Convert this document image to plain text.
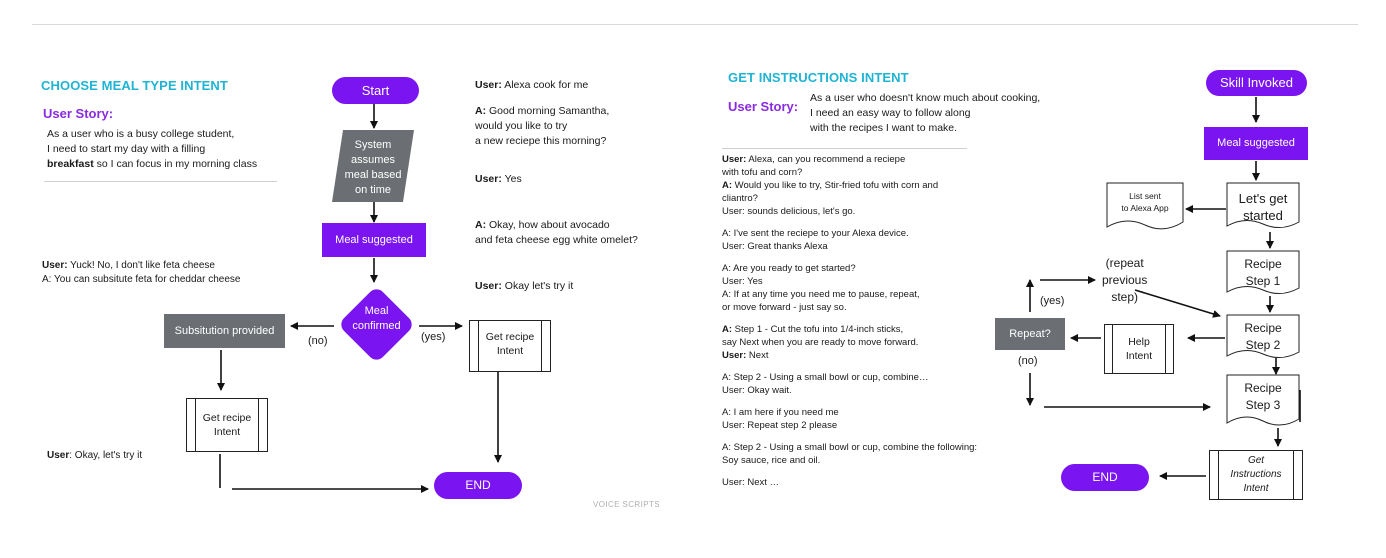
CHOOSE MEAL TYPE INTENT
User Story:
As a user who is a busy college student,
I need to start my day with a filling
breakfast so I can focus in my morning class
Start
System
assumes
meal based
on time
Meal suggested
Meal
confirmed
Subsitution provided
(no)	(yes)	Get recipe
Intent
Get recipe
Intent
END
User: Yuck! No, I don't like feta cheese
A: You can subsitute feta for cheddar cheese
User: Okay, let's try it
User: Alexa cook for me
A: Good morning Samantha,
would you like to try
a new reciepe this morning?
User: Yes
A: Okay, how about avocado
and feta cheese egg white omelet?
User: Okay let's try it
VOICE SCRIPTS
GET INSTRUCTIONS INTENT
User Story:
As a user who doesn't know much about cooking,
I need an easy way to follow along
with the recipes I want to make.
User: Alexa, can you recommend a reciepe
with tofu and corn?
A: Would you like to try, Stir-fried tofu with corn and
cliantro?
User: sounds delicious, let's go.
A: I've sent the reciepe to your Alexa device.
User: Great thanks Alexa
A: Are you ready to get started?
User: Yes
A: If at any time you need me to pause, repeat,
or move forward - just say so.
A: Step 1 - Cut the tofu into 1/4-inch sticks,
say Next when you are ready to move forward.
User: Next
A: Step 2 - Using a small bowl or cup, combine…
User: Okay wait.
A: I am here if you need me
User: Repeat step 2 please
A: Step 2 - Using a small bowl or cup, combine the following:
Soy sauce, rice and oil.
User: Next …
Skill Invoked
Meal suggested
List sent
to Alexa App
Let's get
started
Recipe
Step 1
Recipe
Step 2
Recipe
Step 3
(repeat
previous
step)
(yes)
(no)
Repeat?
Help
Intent
Get
Instructions
Intent
END
